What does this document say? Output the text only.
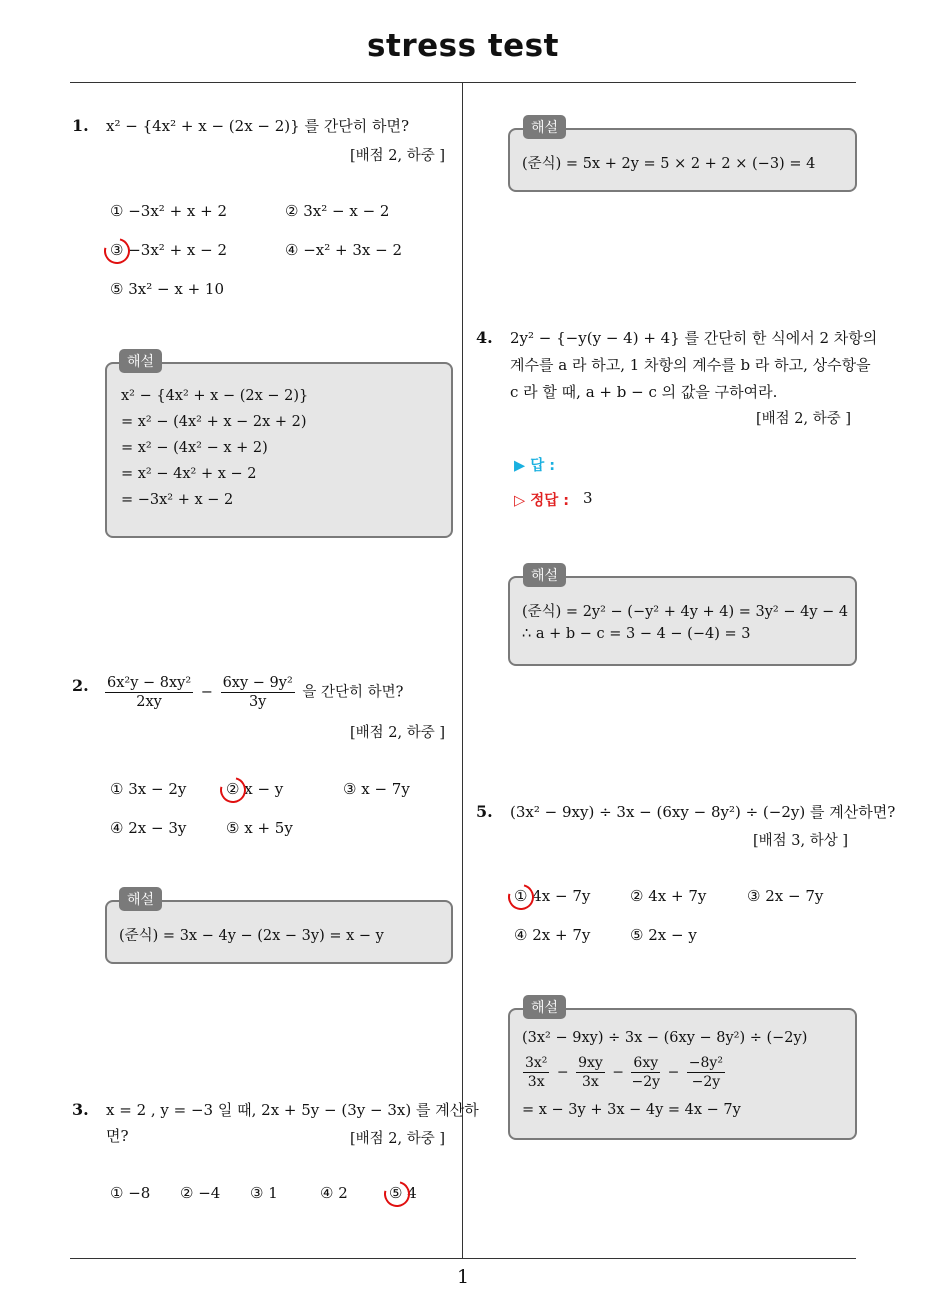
stress test
1
1. x² − {4x² + x − (2x − 2)} 를 간단히 하면?
[배점 2, 하중 ]
① −3x² + x + 2	② 3x² − x − 2
③ −3x² + x − 2	④ −x² + 3x − 2
⑤ 3x² − x + 10
x² − {4x² + x − (2x − 2)}
= x² − (4x² + x − 2x + 2)
= x² − (4x² − x + 2)
= x² − 4x² + x − 2
= −3x² + x − 2
해설
2. $\frac{\text{6x²y − 8xy²}}{2xy} - \frac{\text{6xy − 9y²}}{3y}$ 을 간단히 하면?
[배점 2, 하중 ]
① 3x − 2y	② x − y	③ x − 7y
④ 2x − 3y	⑤ x + 5y
(준식) = 3x − 4y − (2x − 3y) = x − y
해설
3. x = 2 , y = −3 일 때, 2x + 5y − (3y − 3x) 를 계산하
면?	[배점 2, 하중 ]
① −8 ② −4 ③ 1	④ 2	⑤ 4
(준식) = 5x + 2y = 5 × 2 + 2 × (−3) = 4
해설
4. 2y² − {−y(y − 4) + 4} 를 간단히 한 식에서 2 차항의
계수를 a 라 하고, 1 차항의 계수를 b 라 하고, 상수항을
c 라 할 때, a + b − c 의 값을 구하여라.
[배점 2, 하중 ]
▶ 답 :
▷ 정답 : 3
(준식) = 2y² − (−y² + 4y + 4) = 3y² − 4y − 4
∴ a + b − c = 3 − 4 − (−4) = 3
해설
5. (3x² − 9xy) ÷ 3x − (6xy − 8y²) ÷ (−2y) 를 계산하면?
[배점 3, 하상 ]
① 4x − 7y	② 4x + 7y	③ 2x − 7y
④ 2x + 7y	⑤ 2x − y
(3x² − 9xy) ÷ 3x − (6xy − 8y²) ÷ (−2y)
$\frac{\text{3x²}}{3x} - \frac{9xy}{3x} - \frac{6xy}{-2y} - \frac{\text{−8y²}}{-2y}$
= x − 3y + 3x − 4y = 4x − 7y
해설
